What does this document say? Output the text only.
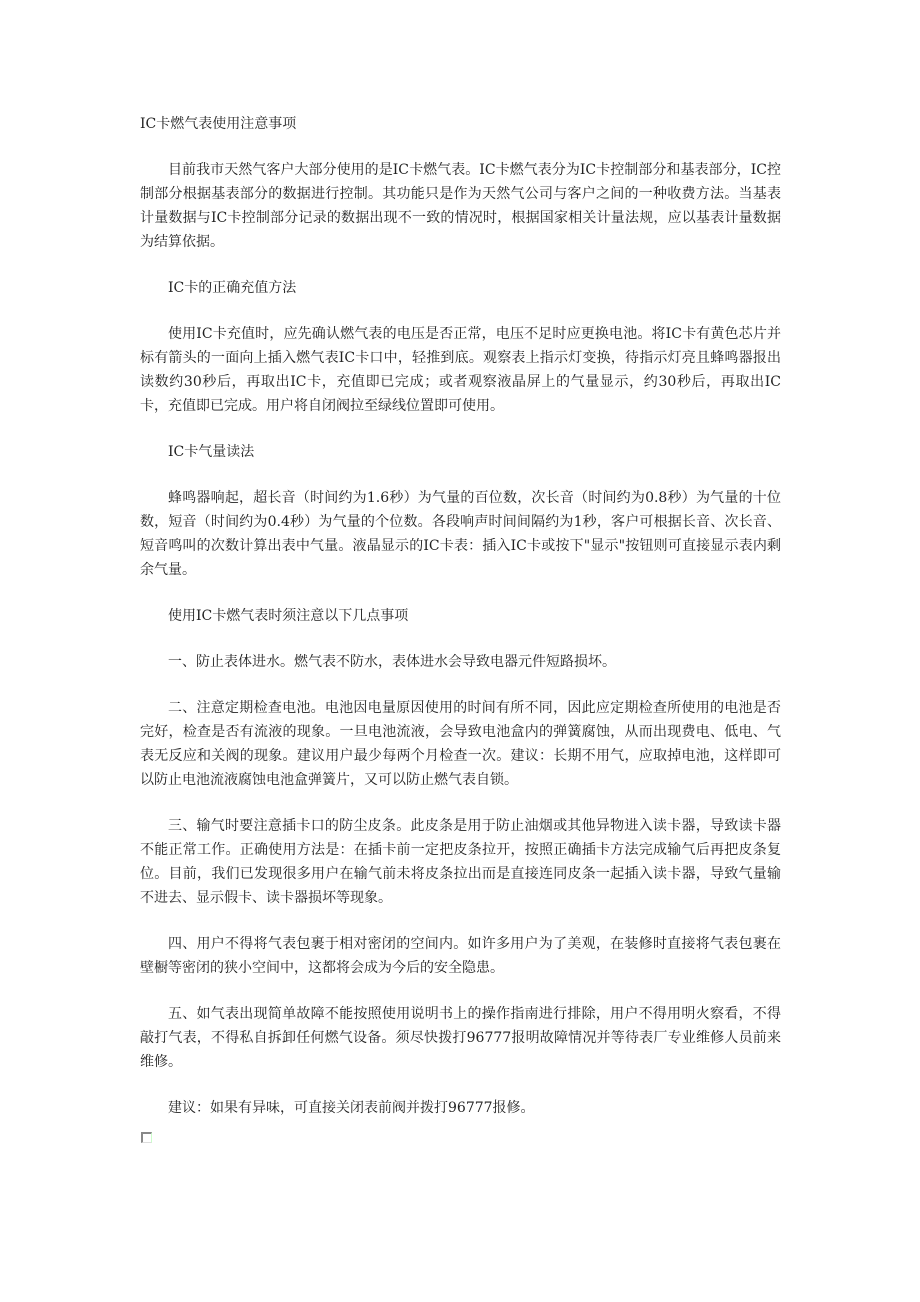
IC卡燃气表使用注意事项

目前我市天然气客户大部分使用的是IC卡燃气表。IC卡燃气表分为IC卡控制部分和基表部分，IC控制部分根据基表部分的数据进行控制。其功能只是作为天然气公司与客户之间的一种收费方法。当基表计量数据与IC卡控制部分记录的数据出现不一致的情况时，根据国家相关计量法规，应以基表计量数据为结算依据。

IC卡的正确充值方法

使用IC卡充值时，应先确认燃气表的电压是否正常，电压不足时应更换电池。将IC卡有黄色芯片并标有箭头的一面向上插入燃气表IC卡口中，轻推到底。观察表上指示灯变换，待指示灯亮且蜂鸣器报出读数约30秒后，再取出IC卡，充值即已完成；或者观察液晶屏上的气量显示，约30秒后，再取出IC卡，充值即已完成。用户将自闭阀拉至绿线位置即可使用。

IC卡气量读法

蜂鸣器响起，超长音（时间约为1.6秒）为气量的百位数，次长音（时间约为0.8秒）为气量的十位数，短音（时间约为0.4秒）为气量的个位数。各段响声时间间隔约为1秒，客户可根据长音、次长音、短音鸣叫的次数计算出表中气量。液晶显示的IC卡表：插入IC卡或按下"显示"按钮则可直接显示表内剩余气量。

使用IC卡燃气表时须注意以下几点事项

一、防止表体进水。燃气表不防水，表体进水会导致电器元件短路损坏。

二、注意定期检查电池。电池因电量原因使用的时间有所不同，因此应定期检查所使用的电池是否完好，检查是否有流液的现象。一旦电池流液，会导致电池盒内的弹簧腐蚀，从而出现费电、低电、气表无反应和关阀的现象。建议用户最少每两个月检查一次。建议：长期不用气，应取掉电池，这样即可以防止电池流液腐蚀电池盒弹簧片，又可以防止燃气表自锁。

三、输气时要注意插卡口的防尘皮条。此皮条是用于防止油烟或其他异物进入读卡器，导致读卡器不能正常工作。正确使用方法是：在插卡前一定把皮条拉开，按照正确插卡方法完成输气后再把皮条复位。目前，我们已发现很多用户在输气前未将皮条拉出而是直接连同皮条一起插入读卡器，导致气量输不进去、显示假卡、读卡器损坏等现象。

四、用户不得将气表包裹于相对密闭的空间内。如许多用户为了美观，在装修时直接将气表包裹在壁橱等密闭的狭小空间中，这都将会成为今后的安全隐患。

五、如气表出现简单故障不能按照使用说明书上的操作指南进行排除，用户不得用明火察看，不得敲打气表，不得私自拆卸任何燃气设备。须尽快拨打96777报明故障情况并等待表厂专业维修人员前来维修。

建议：如果有异味，可直接关闭表前阀并拨打96777报修。
